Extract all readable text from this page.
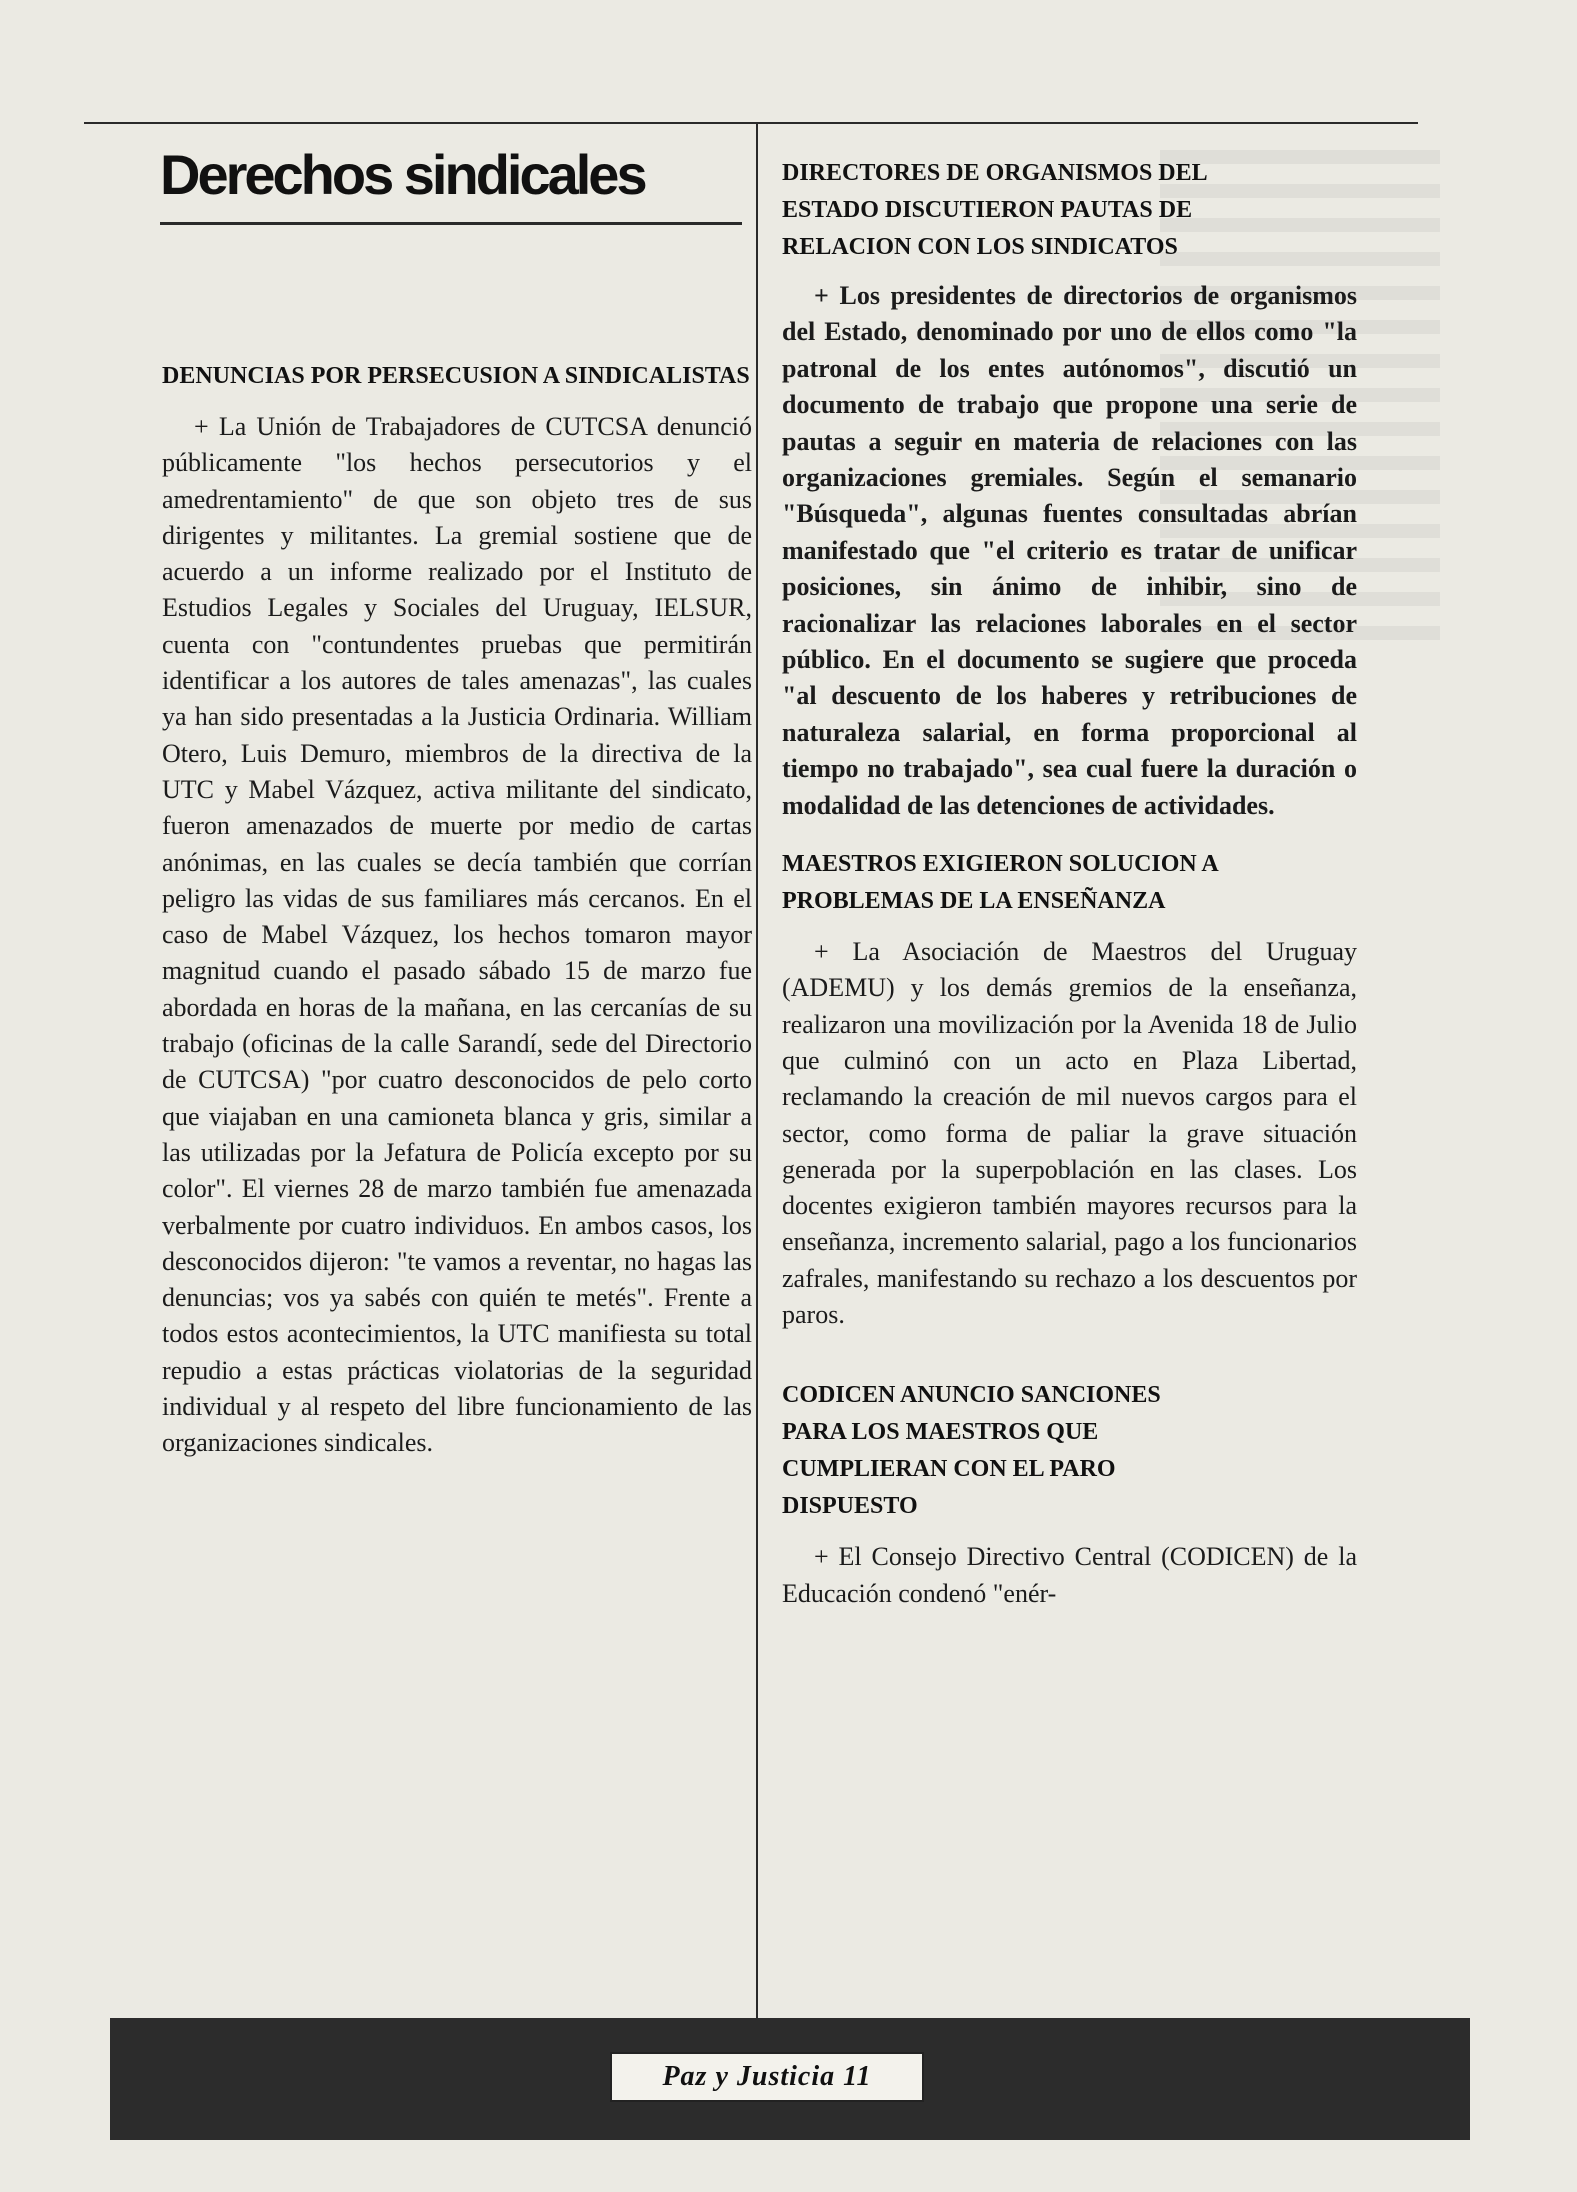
Derechos sindicales
DENUNCIAS POR PERSECUSION A SINDICALISTAS

+ La Unión de Trabajadores de CUTCSA denunció públicamente "los hechos persecutorios y el amedrentamiento" de que son objeto tres de sus dirigentes y militantes. La gremial sostiene que de acuerdo a un informe realizado por el Instituto de Estudios Legales y Sociales del Uruguay, IELSUR, cuenta con "contundentes pruebas que permitirán identificar a los autores de tales amenazas", las cuales ya han sido presentadas a la Justicia Ordinaria. William Otero, Luis Demuro, miembros de la directiva de la UTC y Mabel Vázquez, activa militante del sindicato, fueron amenazados de muerte por medio de cartas anónimas, en las cuales se decía también que corrían peligro las vidas de sus familiares más cercanos. En el caso de Mabel Vázquez, los hechos tomaron mayor magnitud cuando el pasado sábado 15 de marzo fue abordada en horas de la mañana, en las cercanías de su trabajo (oficinas de la calle Sarandí, sede del Directorio de CUTCSA) "por cuatro desconocidos de pelo corto que viajaban en una camioneta blanca y gris, similar a las utilizadas por la Jefatura de Policía excepto por su color". El viernes 28 de marzo también fue amenazada verbalmente por cuatro individuos. En ambos casos, los desconocidos dijeron: "te vamos a reventar, no hagas las denuncias; vos ya sabés con quién te metés". Frente a todos estos acontecimientos, la UTC manifiesta su total repudio a estas prácticas violatorias de la seguridad individual y al respeto del libre funcionamiento de las organizaciones sindicales.

DIRECTORES DE ORGANISMOS DEL ESTADO DISCUTIERON PAUTAS DE RELACION CON LOS SINDICATOS

+ Los presidentes de directorios de organismos del Estado, denominado por uno de ellos como "la patronal de los entes autónomos", discutió un documento de trabajo que propone una serie de pautas a seguir en materia de relaciones con las organizaciones gremiales. Según el semanario "Búsqueda", algunas fuentes consultadas abrían manifestado que "el criterio es tratar de unificar posiciones, sin ánimo de inhibir, sino de racionalizar las relaciones laborales en el sector público. En el documento se sugiere que proceda "al descuento de los haberes y retribuciones de naturaleza salarial, en forma proporcional al tiempo no trabajado", sea cual fuere la duración o modalidad de las detenciones de actividades.

MAESTROS EXIGIERON SOLUCION A PROBLEMAS DE LA ENSEÑANZA

+ La Asociación de Maestros del Uruguay (ADEMU) y los demás gremios de la enseñanza, realizaron una movilización por la Avenida 18 de Julio que culminó con un acto en Plaza Libertad, reclamando la creación de mil nuevos cargos para el sector, como forma de paliar la grave situación generada por la superpoblación en las clases. Los docentes exigieron también mayores recursos para la enseñanza, incremento salarial, pago a los funcionarios zafrales, manifestando su rechazo a los descuentos por paros.

CODICEN ANUNCIO SANCIONES PARA LOS MAESTROS QUE CUMPLIERAN CON EL PARO DISPUESTO

+ El Consejo Directivo Central (CODICEN) de la Educación condenó "enér-

Paz y Justicia 11
